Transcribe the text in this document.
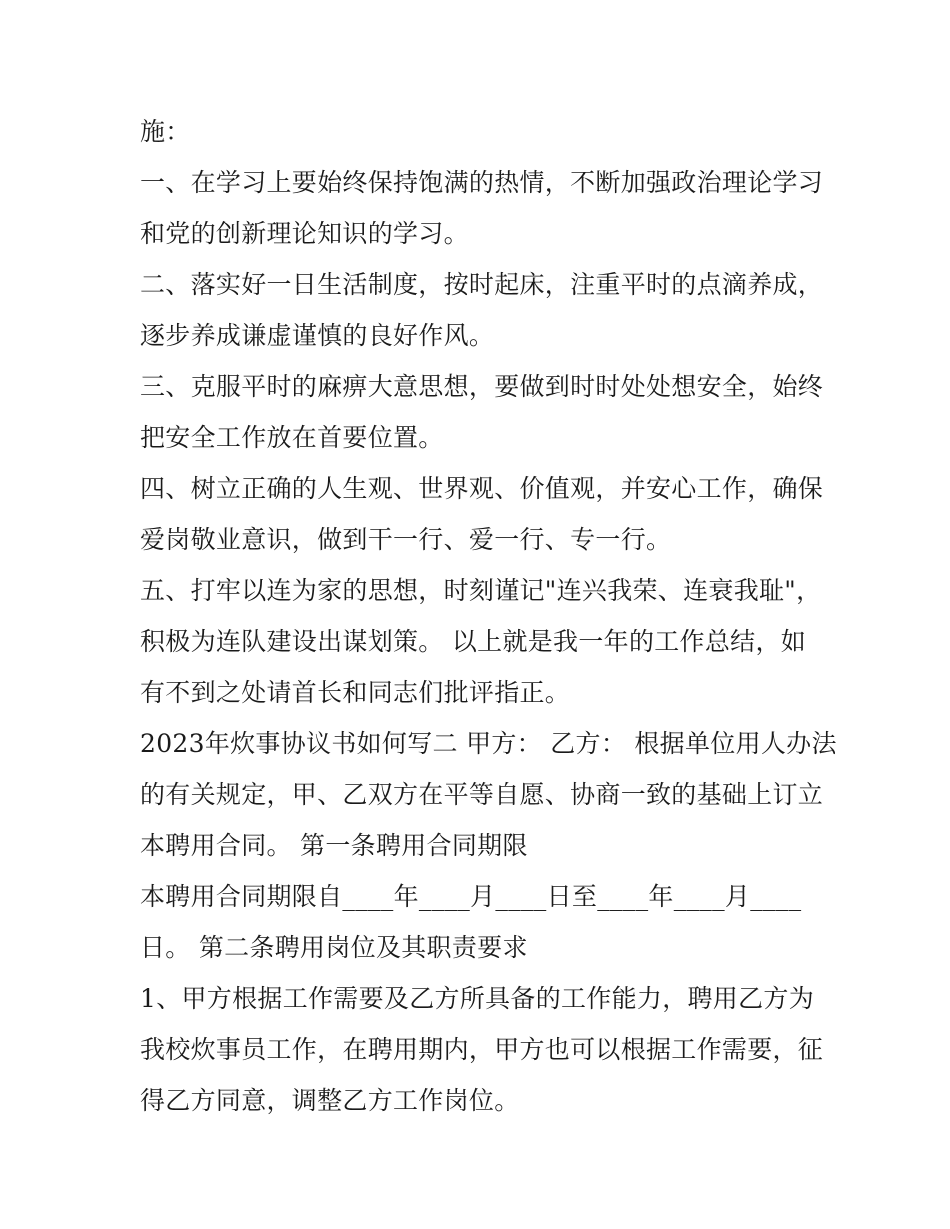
施：
一、在学习上要始终保持饱满的热情，不断加强政治理论学习
和党的创新理论知识的学习。
二、落实好一日生活制度，按时起床，注重平时的点滴养成，
逐步养成谦虚谨慎的良好作风。
三、克服平时的麻痹大意思想，要做到时时处处想安全，始终
把安全工作放在首要位置。
四、树立正确的人生观、世界观、价值观，并安心工作，确保
爱岗敬业意识，做到干一行、爱一行、专一行。
五、打牢以连为家的思想，时刻谨记"连兴我荣、连衰我耻"，
积极为连队建设出谋划策。 以上就是我一年的工作总结，如
有不到之处请首长和同志们批评指正。
2023年炊事协议书如何写二 甲方： 乙方： 根据单位用人办法
的有关规定，甲、乙双方在平等自愿、协商一致的基础上订立
本聘用合同。 第一条聘用合同期限
本聘用合同期限自____年____月____日至____年____月____
日。 第二条聘用岗位及其职责要求
1、甲方根据工作需要及乙方所具备的工作能力，聘用乙方为
我校炊事员工作，在聘用期内，甲方也可以根据工作需要，征
得乙方同意，调整乙方工作岗位。
